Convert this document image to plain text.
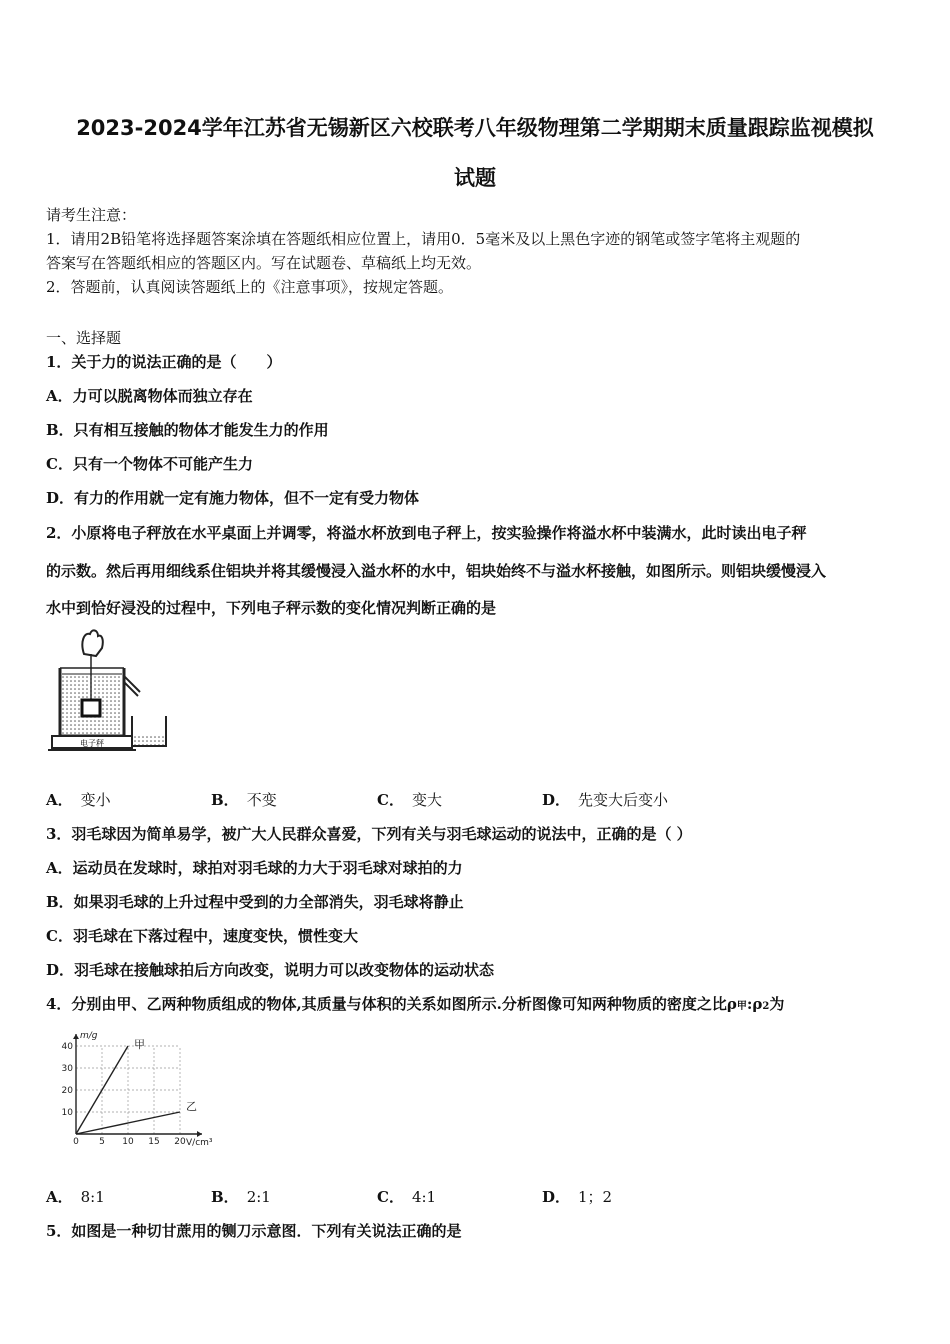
2023-2024学年江苏省无锡新区六校联考八年级物理第二学期期末质量跟踪监视模拟
试题
请考生注意：
1．请用2B铅笔将选择题答案涂填在答题纸相应位置上，请用0．5毫米及以上黑色字迹的钢笔或签字笔将主观题的
答案写在答题纸相应的答题区内。写在试题卷、草稿纸上均无效。
2．答题前，认真阅读答题纸上的《注意事项》，按规定答题。
一、选择题
1．关于力的说法正确的是（　　）
A．力可以脱离物体而独立存在
B．只有相互接触的物体才能发生力的作用
C．只有一个物体不可能产生力
D．有力的作用就一定有施力物体，但不一定有受力物体
2．小原将电子秤放在水平桌面上并调零，将溢水杯放到电子秤上，按实验操作将溢水杯中装满水，此时读出电子秤
的示数。然后再用细线系住铝块并将其缓慢浸入溢水杯的水中，铝块始终不与溢水杯接触，如图所示。则铝块缓慢浸入
水中到恰好浸没的过程中，下列电子秤示数的变化情况判断正确的是
电子秤
A． 变小	B． 不变	C． 变大	D． 先变大后变小
3．羽毛球因为简单易学，被广大人民群众喜爱，下列有关与羽毛球运动的说法中，正确的是（ ）
A．运动员在发球时，球拍对羽毛球的力大于羽毛球对球拍的力
B．如果羽毛球的上升过程中受到的力全部消失，羽毛球将静止
C．羽毛球在下落过程中，速度变快，惯性变大
D．羽毛球在接触球拍后方向改变，说明力可以改变物体的运动状态
4．分别由甲、乙两种物质组成的物体,其质量与体积的关系如图所示.分析图像可知两种物质的密度之比ρ甲:ρ2为
0 5 10 15 20
10
20
30
40
V/cm³
m/g
甲
乙
A． 8:1	B． 2:1	C． 4:1	D． 1；2
5．如图是一种切甘蔗用的铡刀示意图．下列有关说法正确的是
